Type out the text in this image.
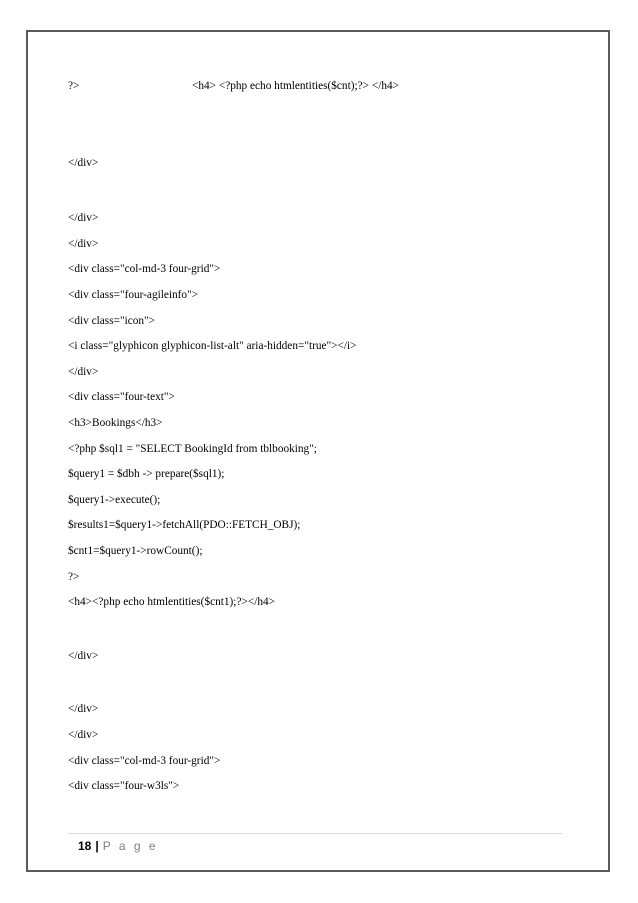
?>	<h4> <?php echo htmlentities($cnt);?> </h4>
</div>
</div>
</div>
<div class="col-md-3 four-grid">
<div class="four-agileinfo">
<div class="icon">
<i class="glyphicon glyphicon-list-alt" aria-hidden="true"></i>
</div>
<div class="four-text">
<h3>Bookings</h3>
<?php $sql1 = "SELECT BookingId from tblbooking";
$query1 = $dbh -> prepare($sql1);
$query1->execute();
$results1=$query1->fetchAll(PDO::FETCH_OBJ);
$cnt1=$query1->rowCount();
?>
<h4><?php echo htmlentities($cnt1);?></h4>
</div>
</div>
</div>
<div class="col-md-3 four-grid">
<div class="four-w3ls">
18 | P a g e
